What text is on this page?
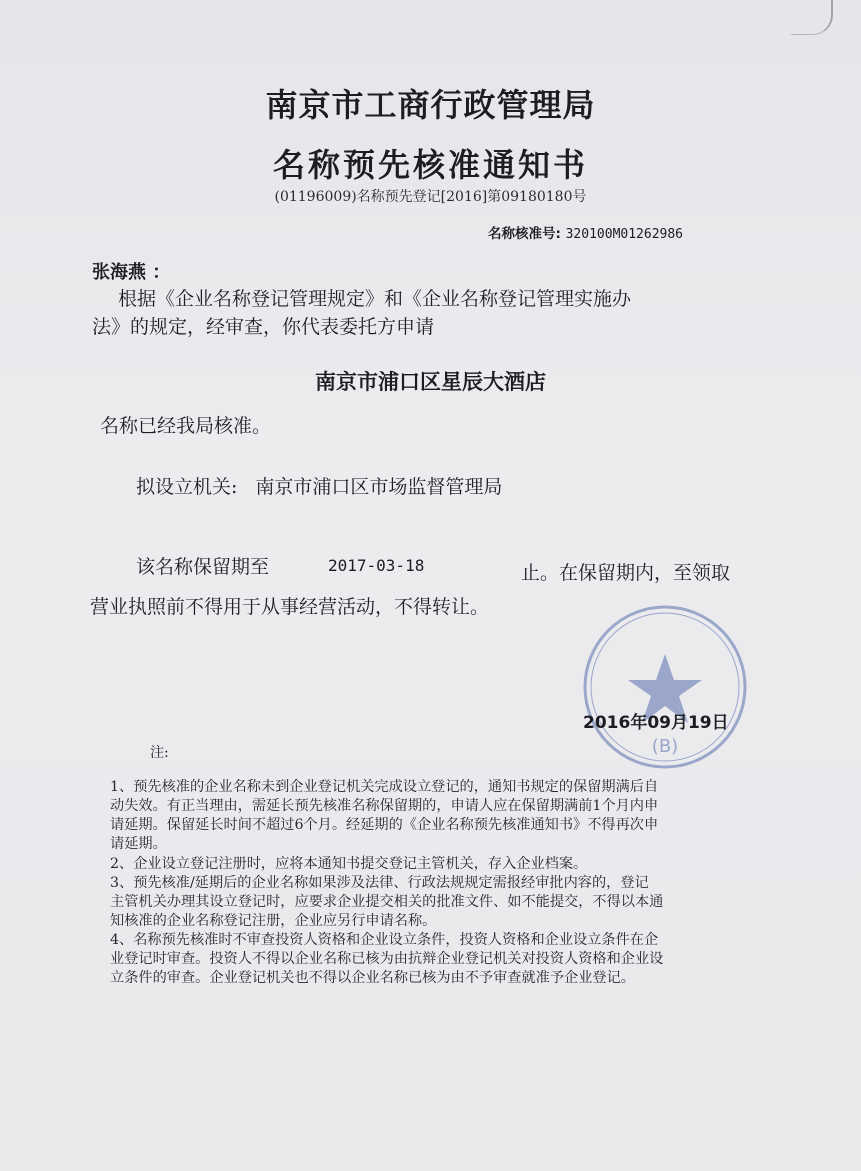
南京市工商行政管理局
名称预先核准通知书
(01196009)名称预先登记[2016]第09180180号
名称核准号: 320100M01262986
张海燕 ：
根据《企业名称登记管理规定》和《企业名称登记管理实施办
法》的规定，经审查，你代表委托方申请
南京市浦口区星辰大酒店
名称已经我局核准。
拟设立机关: 南京市浦口区市场监督管理局
该名称保留期至	2017-03-18	止。在保留期内，至领取
营业执照前不得用于从事经营活动，不得转让。
(B)
2016年09月19日
注:
1、预先核准的企业名称未到企业登记机关完成设立登记的，通知书规定的保留期满后自
动失效。有正当理由，需延长预先核准名称保留期的，申请人应在保留期满前1个月内申
请延期。保留延长时间不超过6个月。经延期的《企业名称预先核准通知书》不得再次申
请延期。
2、企业设立登记注册时，应将本通知书提交登记主管机关，存入企业档案。
3、预先核准/延期后的企业名称如果涉及法律、行政法规规定需报经审批内容的，登记
主管机关办理其设立登记时，应要求企业提交相关的批准文件、如不能提交，不得以本通
知核准的企业名称登记注册，企业应另行申请名称。
4、名称预先核准时不审查投资人资格和企业设立条件，投资人资格和企业设立条件在企
业登记时审查。投资人不得以企业名称已核为由抗辩企业登记机关对投资人资格和企业设
立条件的审查。企业登记机关也不得以企业名称已核为由不予审查就准予企业登记。
